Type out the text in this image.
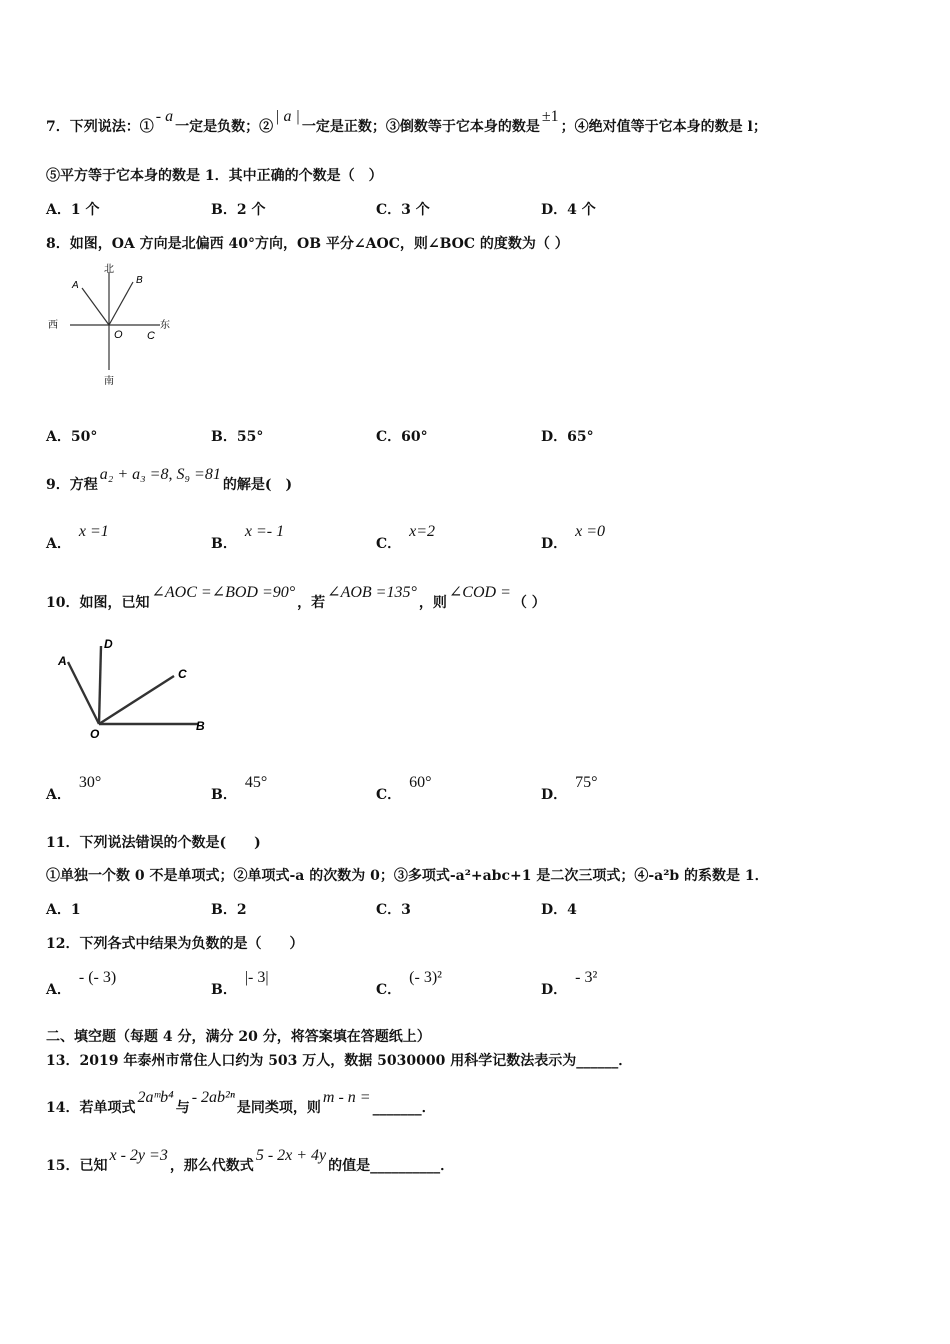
7．下列说法：①- a一定是负数；②| a |一定是正数；③倒数等于它本身的数是±1；④绝对值等于它本身的数是 l；
⑤平方等于它本身的数是 1．其中正确的个数是（　）
A．1 个	B．2 个	C．3 个	D．4 个
8．如图，OA 方向是北偏西 40°方向，OB 平分∠AOC，则∠BOC 的度数为（ ）
北
南
西	东
A	B
O C
A．50°	B．55°	C．60°	D．65°
9．方程a₂ + a₃ =8, S₉ =81的解是(　)
A．x =1
B．x =- 1
C．x=2
D．x =0
10．如图，已知∠AOC =∠BOD =90°，若∠AOB =135°，则∠COD =（ ）
A
D
C
O
B
A．30°
B．45°
C．60°
D．75°
11．下列说法错误的个数是(　　)
①单独一个数 0 不是单项式；②单项式-a 的次数为 0；③多项式-a²+abc+1 是二次三项式；④-a²b 的系数是 1．
A．1	B．2	C．3	D．4
12．下列各式中结果为负数的是（　　）
A．- (- 3)
B．|- 3|
C．(- 3)²
D．- 3²
二、填空题（每题 4 分，满分 20 分，将答案填在答题纸上）
13．2019 年泰州市常住人口约为 503 万人，数据 5030000 用科学记数法表示为______．
14．若单项式2aᵐb⁴与- 2ab²ⁿ是同类项，则m - n =_______．
15．已知x - 2y =3，那么代数式5 - 2x + 4y的值是__________．
